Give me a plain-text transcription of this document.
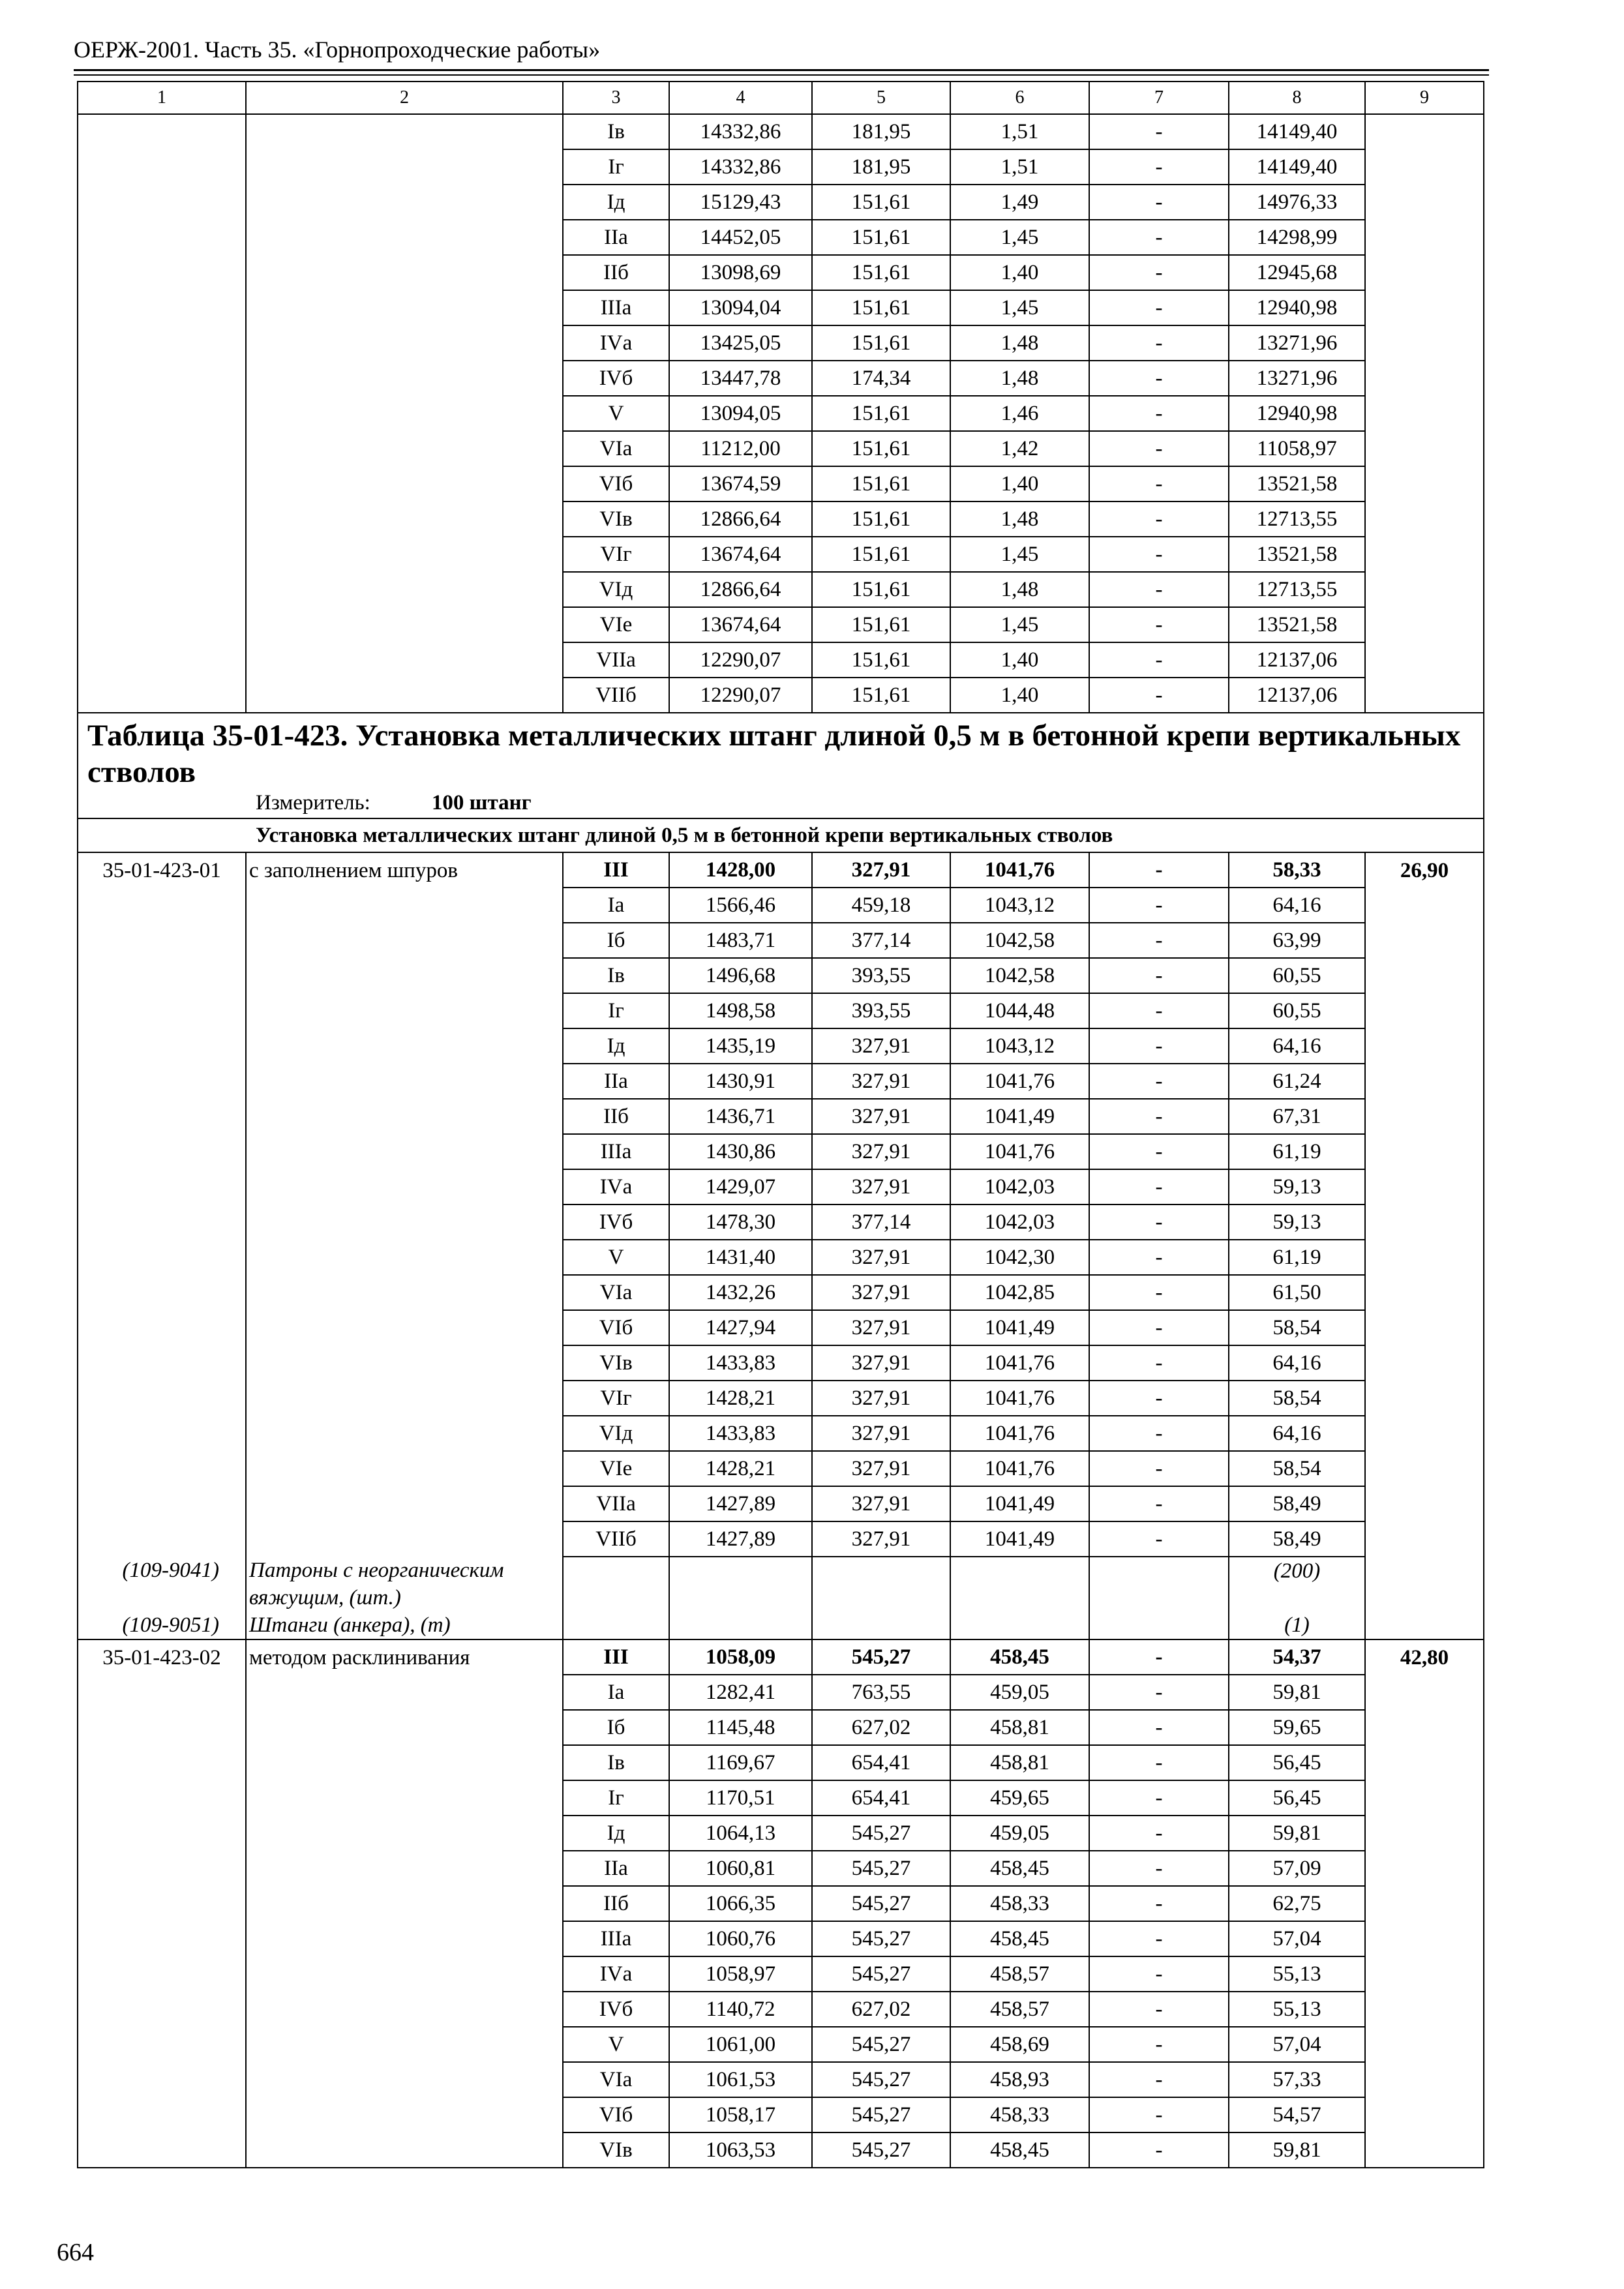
ОЕРЖ-2001. Часть 35. «Горнопроходческие работы»
1	2	3	4	5	6	7	8	9
		Iв	14332,86	181,95	1,51	-	14149,40	
		Iг	14332,86	181,95	1,51	-	14149,40	
		Iд	15129,43	151,61	1,49	-	14976,33	
		IIа	14452,05	151,61	1,45	-	14298,99	
		IIб	13098,69	151,61	1,40	-	12945,68	
		IIIа	13094,04	151,61	1,45	-	12940,98	
		IVа	13425,05	151,61	1,48	-	13271,96	
		IVб	13447,78	174,34	1,48	-	13271,96	
		V	13094,05	151,61	1,46	-	12940,98	
		VIа	11212,00	151,61	1,42	-	11058,97	
		VIб	13674,59	151,61	1,40	-	13521,58	
		VIв	12866,64	151,61	1,48	-	12713,55	
		VIг	13674,64	151,61	1,45	-	13521,58	
		VIд	12866,64	151,61	1,48	-	12713,55	
		VIе	13674,64	151,61	1,45	-	13521,58	
		VIIа	12290,07	151,61	1,40	-	12137,06	
		VIIб	12290,07	151,61	1,40	-	12137,06	

Таблица 35-01-423. Установка металлических штанг длиной 0,5 м в бетонной крепи вертикальных стволов
Измеритель: 100 штанг								

Установка металлических штанг длиной 0,5 м в бетонной крепи вертикальных стволов								
35-01-423-01	с заполнением шпуров	III	1428,00	327,91	1041,76	-	58,33	26,90
		Iа	1566,46	459,18	1043,12	-	64,16	
		Iб	1483,71	377,14	1042,58	-	63,99	
		Iв	1496,68	393,55	1042,58	-	60,55	
		Iг	1498,58	393,55	1044,48	-	60,55	
		Iд	1435,19	327,91	1043,12	-	64,16	
		IIа	1430,91	327,91	1041,76	-	61,24	
		IIб	1436,71	327,91	1041,49	-	67,31	
		IIIа	1430,86	327,91	1041,76	-	61,19	
		IVа	1429,07	327,91	1042,03	-	59,13	
		IVб	1478,30	377,14	1042,03	-	59,13	
		V	1431,40	327,91	1042,30	-	61,19	
		VIа	1432,26	327,91	1042,85	-	61,50	
		VIб	1427,94	327,91	1041,49	-	58,54	
		VIв	1433,83	327,91	1041,76	-	64,16	
		VIг	1428,21	327,91	1041,76	-	58,54	
		VIд	1433,83	327,91	1041,76	-	64,16	
		VIе	1428,21	327,91	1041,76	-	58,54	
		VIIа	1427,89	327,91	1041,49	-	58,49	
		VIIб	1427,89	327,91	1041,49	-	58,49	
(109-9041)	Патроны с неорганическим вяжущим, (шт.)						(200)	
(109-9051)	Штанги (анкера), (т)						(1)	
35-01-423-02	методом расклинивания	III	1058,09	545,27	458,45	-	54,37	42,80
		Iа	1282,41	763,55	459,05	-	59,81	
		Iб	1145,48	627,02	458,81	-	59,65	
		Iв	1169,67	654,41	458,81	-	56,45	
		Iг	1170,51	654,41	459,65	-	56,45	
		Iд	1064,13	545,27	459,05	-	59,81	
		IIа	1060,81	545,27	458,45	-	57,09	
		IIб	1066,35	545,27	458,33	-	62,75	
		IIIа	1060,76	545,27	458,45	-	57,04	
		IVа	1058,97	545,27	458,57	-	55,13	
		IVб	1140,72	627,02	458,57	-	55,13	
		V	1061,00	545,27	458,69	-	57,04	
		VIа	1061,53	545,27	458,93	-	57,33	
		VIб	1058,17	545,27	458,33	-	54,57	
		VIв	1063,53	545,27	458,45	-	59,81	
664
